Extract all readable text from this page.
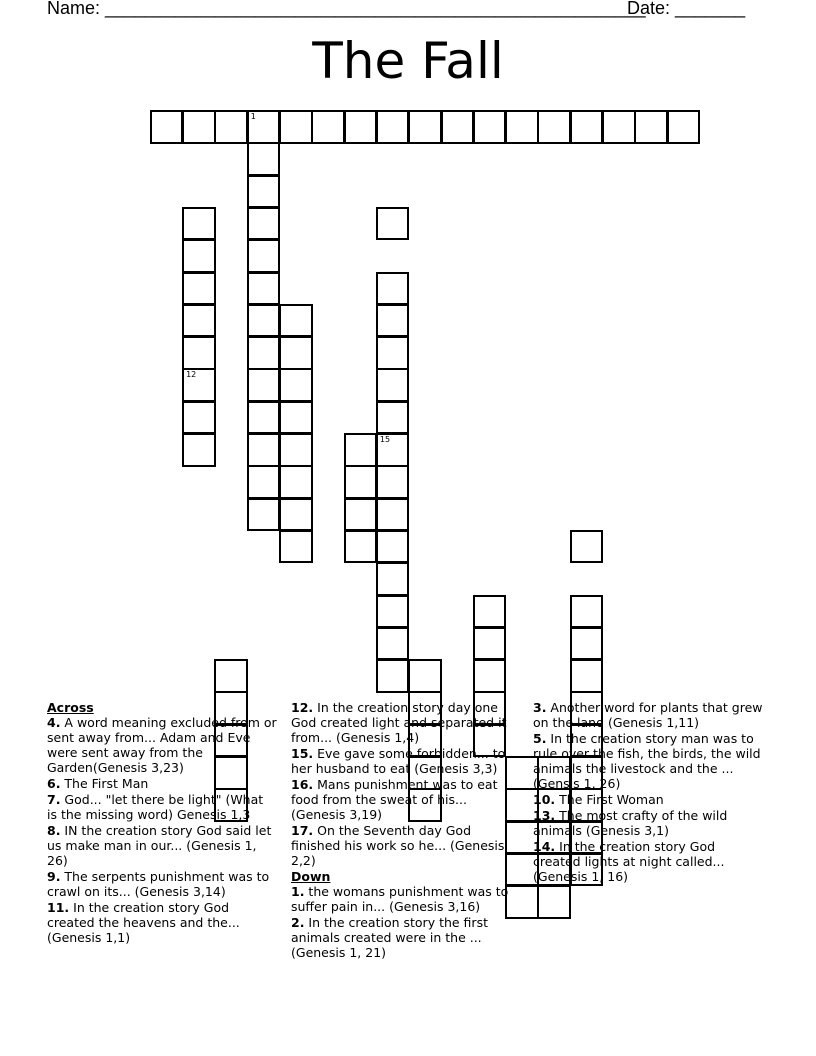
Name: ______________________________________________________
Date: _______
The Fall
1
12
15
Across
4. A word meaning excluded from or sent away from... Adam and Eve were sent away from the Garden(Genesis 3,23)
6. The First Man
7. God... "let there be light" (What is the missing word) Genesis 1,3
8. IN the creation story God said let us make man in our... (Genesis 1, 26)
9. The serpents punishment was to crawl on its... (Genesis 3,14)
11. In the creation story God created the heavens and the... (Genesis 1,1)
12. In the creation story day one God created light and separated it from... (Genesis 1,4)
15. Eve gave some forbidden... to her husband to eat (Genesis 3,3)
16. Mans punishment was to eat food from the sweat of his... (Genesis 3,19)
17. On the Seventh day God finished his work so he... (Genesis 2,2)
Down
1. the womans punishment was to suffer pain in... (Genesis 3,16)
2. In the creation story the first animals created were in the ... (Genesis 1, 21)
3. Another word for plants that grew on the land (Genesis 1,11)
5. In the creation story man was to rule over the fish, the birds, the wild animals the livestock and the ... (Gensis 1, 26)
10. The First Woman
13. The most crafty of the wild animals (Genesis 3,1)
14. In the creation story God created lights at night called... (Genesis 1, 16)
